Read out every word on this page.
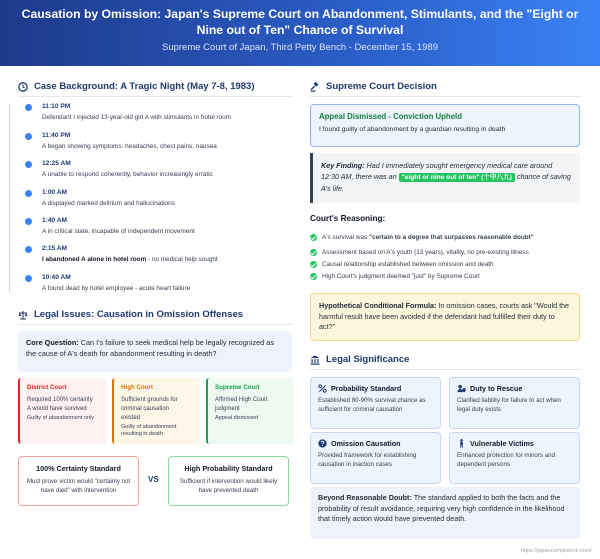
Causation by Omission: Japan's Supreme Court on Abandonment, Stimulants, and the "Eight or Nine out of Ten" Chance of Survival
Supreme Court of Japan, Third Petty Bench - December 15, 1989
Case Background: A Tragic Night (May 7-8, 1983)
11:10 PM
Defendant I injected 13-year-old girl A with stimulants in hotel room
11:40 PM
A began showing symptoms: headaches, chest pains, nausea
12:25 AM
A unable to respond coherently, behavior increasingly erratic
1:00 AM
A displayed marked delirium and hallucinations
1:40 AM
A in critical state, incapable of independent movement
2:15 AM
I abandoned A alone in hotel room - no medical help sought
10:40 AM
A found dead by hotel employee - acute heart failure
Legal Issues: Causation in Omission Offenses
Core Question: Can I's failure to seek medical help be legally recognized as the cause of A's death for abandonment resulting in death?
District Court
Required 100% certainty
A would have survived
Guilty of abandonment only
High Court
Sufficient grounds for
criminal causation
existed
Guilty of abandonment resulting in death
Supreme Court
Affirmed High Court
judgment
Appeal dismissed
100% Certainty Standard
Must prove victim would "certainly not have died" with intervention
VS
High Probability Standard
Sufficient if intervention would likely have prevented death
Supreme Court Decision
Appeal Dismissed - Conviction Upheld
I found guilty of abandonment by a guardian resulting in death
Key Finding: Had I immediately sought emergency medical care around 12:30 AM, there was an "eight or nine out of ten" (十中八九) chance of saving A's life.
Court's Reasoning:
A's survival was "certain to a degree that surpasses reasonable doubt"
Assessment based on A's youth (13 years), vitality, no pre-existing illness
Causal relationship established between omission and death
High Court's judgment deemed "just" by Supreme Court
Hypothetical Conditional Formula: In omission cases, courts ask "Would the harmful result have been avoided if the defendant had fulfilled their duty to act?"
Legal Significance
Probability Standard
Established 80-90% survival chance as sufficient for criminal causation
Duty to Rescue
Clarified liability for failure to act when legal duty exists
Omission Causation
Provided framework for establishing causation in inaction cases
Vulnerable Victims
Enhanced protection for minors and dependent persons
Beyond Reasonable Doubt: The standard applied to both the facts and the probability of result avoidance, requiring very high confidence in the likelihood that timely action would have prevented death.
https://japancompliance.com/
